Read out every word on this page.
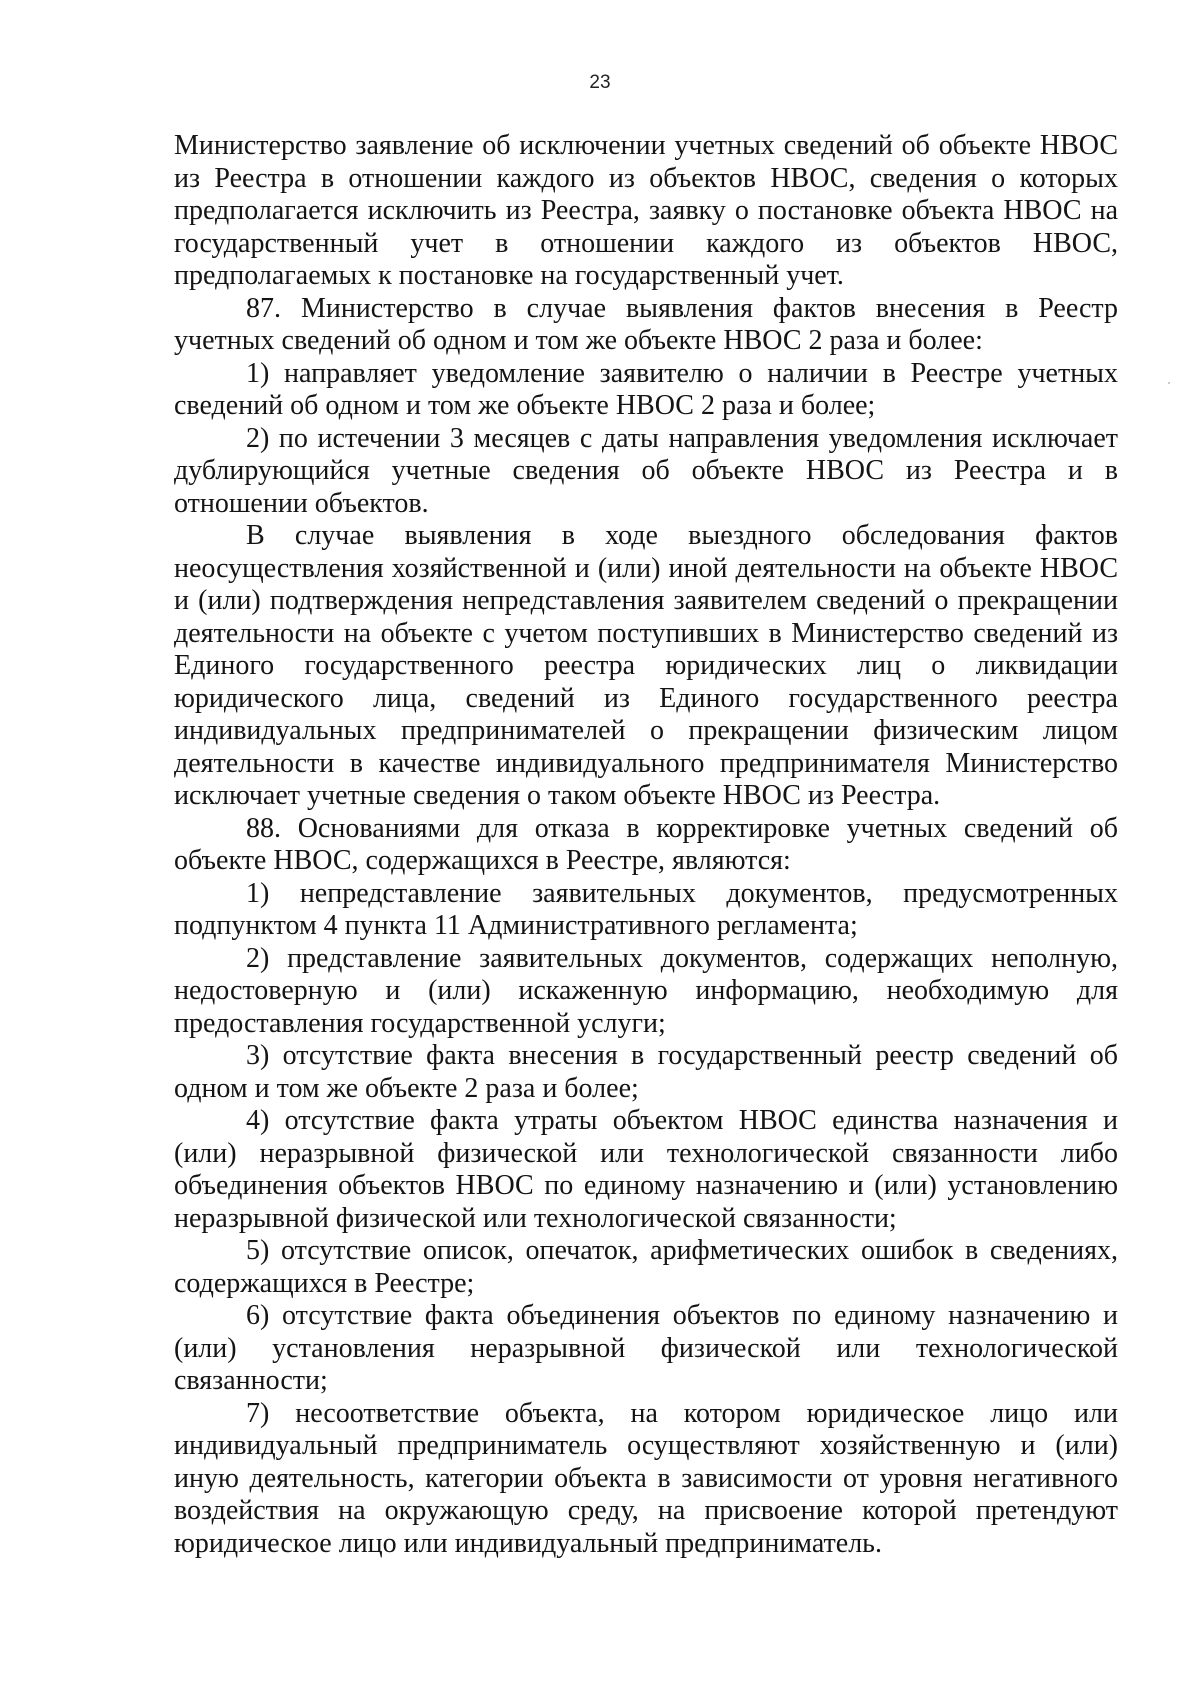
23

Министерство заявление об исключении учетных сведений об объекте НВОС из Реестра в отношении каждого из объектов НВОС, сведения о которых предполагается исключить из Реестра, заявку о постановке объекта НВОС на государственный учет в отношении каждого из объектов НВОС, предполагаемых к постановке на государственный учет.

87. Министерство в случае выявления фактов внесения в Реестр учетных сведений об одном и том же объекте НВОС 2 раза и более:

1) направляет уведомление заявителю о наличии в Реестре учетных сведений об одном и том же объекте НВОС 2 раза и более;

2) по истечении 3 месяцев с даты направления уведомления исключает дублирующийся учетные сведения об объекте НВОС из Реестра и в отношении объектов.

В случае выявления в ходе выездного обследования фактов неосуществления хозяйственной и (или) иной деятельности на объекте НВОС и (или) подтверждения непредставления заявителем сведений о прекращении деятельности на объекте с учетом поступивших в Министерство сведений из Единого государственного реестра юридических лиц о ликвидации юридического лица, сведений из Единого государственного реестра индивидуальных предпринимателей о прекращении физическим лицом деятельности в качестве индивидуального предпринимателя Министерство исключает учетные сведения о таком объекте НВОС из Реестра.

88. Основаниями для отказа в корректировке учетных сведений об объекте НВОС, содержащихся в Реестре, являются:

1) непредставление заявительных документов, предусмотренных подпунктом 4 пункта 11 Административного регламента;

2) представление заявительных документов, содержащих неполную, недостоверную и (или) искаженную информацию, необходимую для предоставления государственной услуги;

3) отсутствие факта внесения в государственный реестр сведений об одном и том же объекте 2 раза и более;

4) отсутствие факта утраты объектом НВОС единства назначения и (или) неразрывной физической или технологической связанности либо объединения объектов НВОС по единому назначению и (или) установлению неразрывной физической или технологической связанности;

5) отсутствие описок, опечаток, арифметических ошибок в сведениях, содержащихся в Реестре;

6) отсутствие факта объединения объектов по единому назначению и (или) установления неразрывной физической или технологической связанности;

7) несоответствие объекта, на котором юридическое лицо или индивидуальный предприниматель осуществляют хозяйственную и (или) иную деятельность, категории объекта в зависимости от уровня негативного воздействия на окружающую среду, на присвоение которой претендуют юридическое лицо или индивидуальный предприниматель.
